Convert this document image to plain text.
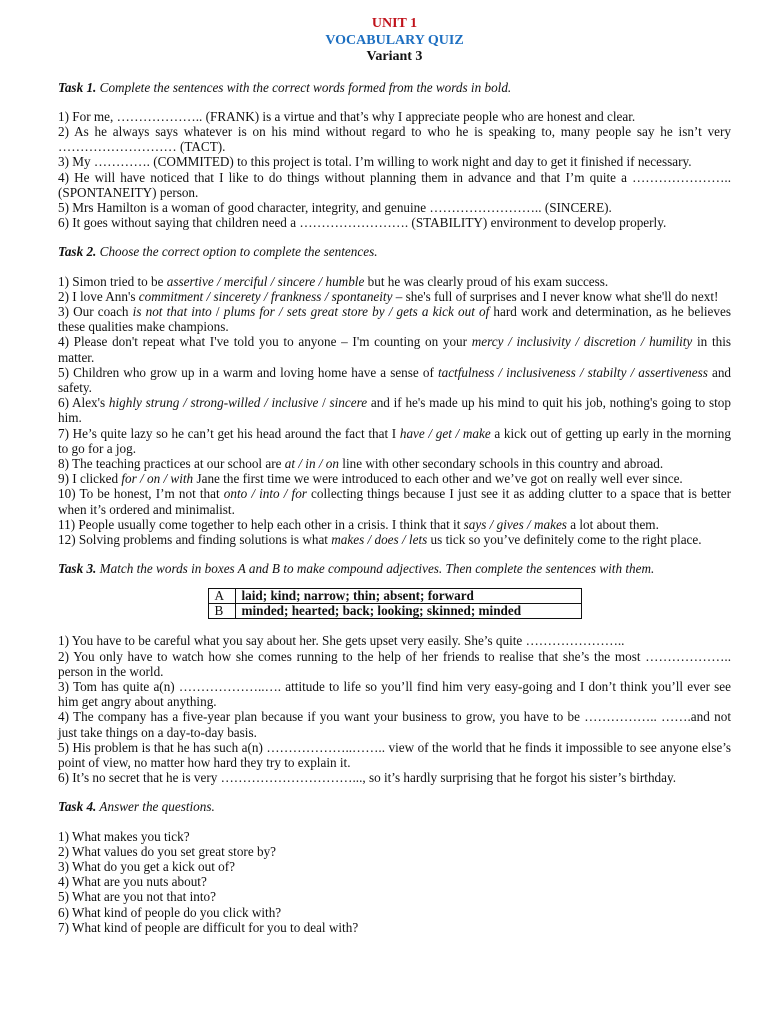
UNIT 1
VOCABULARY QUIZ
Variant 3
Task 1. Complete the sentences with the correct words formed from the words in bold.

1) For me, ……………….. (FRANK) is a virtue and that’s why I appreciate people who are honest and clear.

2) As he always says whatever is on his mind without regard to who he is speaking to, many people say he isn’t very ……………………… (TACT).

3) My …………. (COMMITED) to this project is total. I’m willing to work night and day to get it finished if necessary.

4) He will have noticed that I like to do things without planning them in advance and that I’m quite a ………………….. (SPONTANEITY) person.

5) Mrs Hamilton is a woman of good character, integrity, and genuine …………………….. (SINCERE).

6) It goes without saying that children need a ……………………. (STABILITY) environment to develop properly.

Task 2. Choose the correct option to complete the sentences.

1) Simon tried to be assertive / merciful / sincere / humble but he was clearly proud of his exam success.

2) I love Ann's commitment / sincerety / frankness / spontaneity – she's full of surprises and I never know what she'll do next!

3) Our coach is not that into / plums for / sets great store by / gets a kick out of hard work and determination, as he believes these qualities make champions.

4) Please don't repeat what I've told you to anyone – I'm counting on your mercy / inclusivity / discretion / humility in this matter.

5) Children who grow up in a warm and loving home have a sense of tactfulness / inclusiveness / stabilty / assertiveness and safety.

6) Alex's highly strung / strong-willed / inclusive / sincere and if he's made up his mind to quit his job, nothing's going to stop him.

7) He’s quite lazy so he can’t get his head around the fact that I have / get / make a kick out of getting up early in the morning to go for a jog.

8) The teaching practices at our school are at / in / on line with other secondary schools in this country and abroad.

9) I clicked for / on / with Jane the first time we were introduced to each other and we’ve got on really well ever since.

10) To be honest, I’m not that onto / into / for collecting things because I just see it as adding clutter to a space that is better when it’s ordered and minimalist.

11) People usually come together to help each other in a crisis. I think that it says / gives / makes a lot about them.

12) Solving problems and finding solutions is what makes / does / lets us tick so you’ve definitely come to the right place.

Task 3. Match the words in boxes A and B to make compound adjectives. Then complete the sentences with them.
A	laid; kind; narrow; thin; absent; forward
B	minded; hearted; back; looking; skinned; minded

1) You have to be careful what you say about her. She gets upset very easily. She’s quite …………………..

2) You only have to watch how she comes running to the help of her friends to realise that she’s the most ……………….. person in the world.

3) Tom has quite a(n) ………………..…. attitude to life so you’ll find him very easy-going and I don’t think you’ll ever see him get angry about anything.

4) The company has a five-year plan because if you want your business to grow, you have to be …………….. …….and not just take things on a day-to-day basis.

5) His problem is that he has such a(n) ………………..…….. view of the world that he finds it impossible to see anyone else’s point of view, no matter how hard they try to explain it.

6) It’s no secret that he is very …………………………..., so it’s hardly surprising that he forgot his sister’s birthday.

Task 4. Answer the questions.

1) What makes you tick?

2) What values do you set great store by?

3) What do you get a kick out of?

4) What are you nuts about?

5) What are you not that into?

6) What kind of people do you click with?

7) What kind of people are difficult for you to deal with?
